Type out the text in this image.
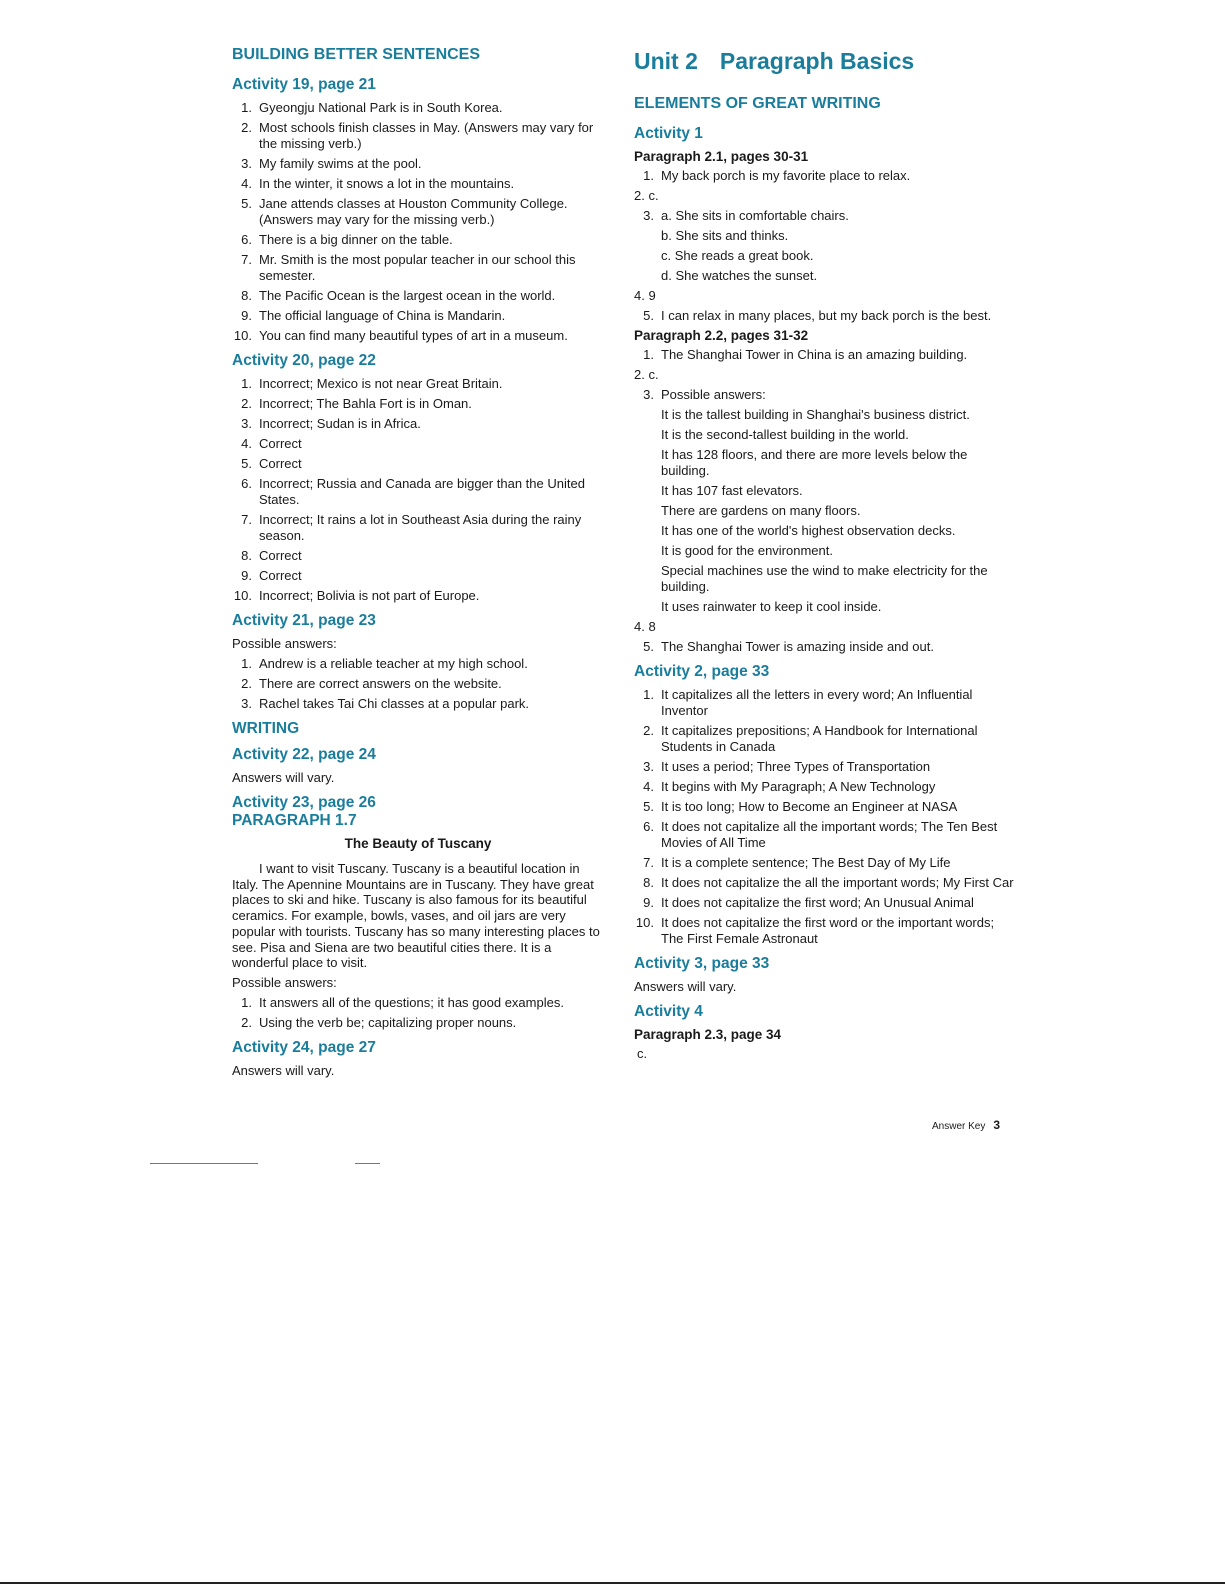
BUILDING BETTER SENTENCES
Activity 19, page 21
1. Gyeongju National Park is in South Korea.
2. Most schools finish classes in May. (Answers may vary for the missing verb.)
3. My family swims at the pool.
4. In the winter, it snows a lot in the mountains.
5. Jane attends classes at Houston Community College. (Answers may vary for the missing verb.)
6. There is a big dinner on the table.
7. Mr. Smith is the most popular teacher in our school this semester.
8. The Pacific Ocean is the largest ocean in the world.
9. The official language of China is Mandarin.
10. You can find many beautiful types of art in a museum.
Activity 20, page 22
1. Incorrect; Mexico is not near Great Britain.
2. Incorrect; The Bahla Fort is in Oman.
3. Incorrect; Sudan is in Africa.
4. Correct
5. Correct
6. Incorrect; Russia and Canada are bigger than the United States.
7. Incorrect; It rains a lot in Southeast Asia during the rainy season.
8. Correct
9. Correct
10. Incorrect; Bolivia is not part of Europe.
Activity 21, page 23
Possible answers:
1. Andrew is a reliable teacher at my high school.
2. There are correct answers on the website.
3. Rachel takes Tai Chi classes at a popular park.
WRITING
Activity 22, page 24
Answers will vary.
Activity 23, page 26
PARAGRAPH 1.7
The Beauty of Tuscany
I want to visit Tuscany. Tuscany is a beautiful location in Italy. The Apennine Mountains are in Tuscany. They have great places to ski and hike. Tuscany is also famous for its beautiful ceramics. For example, bowls, vases, and oil jars are very popular with tourists. Tuscany has so many interesting places to see. Pisa and Siena are two beautiful cities there. It is a wonderful place to visit.
Possible answers:
1. It answers all of the questions; it has good examples.
2. Using the verb be; capitalizing proper nouns.
Activity 24, page 27
Answers will vary.
Unit 2 Paragraph Basics
ELEMENTS OF GREAT WRITING
Activity 1
Paragraph 2.1, pages 30-31
1. My back porch is my favorite place to relax.
2. c.
3. a. She sits in comfortable chairs.
b. She sits and thinks.
c. She reads a great book.
d. She watches the sunset.
4. 9
5. I can relax in many places, but my back porch is the best.
Paragraph 2.2, pages 31-32
1. The Shanghai Tower in China is an amazing building.
2. c.
3. Possible answers:
It is the tallest building in Shanghai's business district.
It is the second-tallest building in the world.
It has 128 floors, and there are more levels below the building.
It has 107 fast elevators.
There are gardens on many floors.
It has one of the world's highest observation decks.
It is good for the environment.
Special machines use the wind to make electricity for the building.
It uses rainwater to keep it cool inside.
4. 8
5. The Shanghai Tower is amazing inside and out.
Activity 2, page 33
1. It capitalizes all the letters in every word; An Influential Inventor
2. It capitalizes prepositions; A Handbook for International Students in Canada
3. It uses a period; Three Types of Transportation
4. It begins with My Paragraph; A New Technology
5. It is too long; How to Become an Engineer at NASA
6. It does not capitalize all the important words; The Ten Best Movies of All Time
7. It is a complete sentence; The Best Day of My Life
8. It does not capitalize the all the important words; My First Car
9. It does not capitalize the first word; An Unusual Animal
10. It does not capitalize the first word or the important words; The First Female Astronaut
Activity 3, page 33
Answers will vary.
Activity 4
Paragraph 2.3, page 34
c.
Answer Key 3
